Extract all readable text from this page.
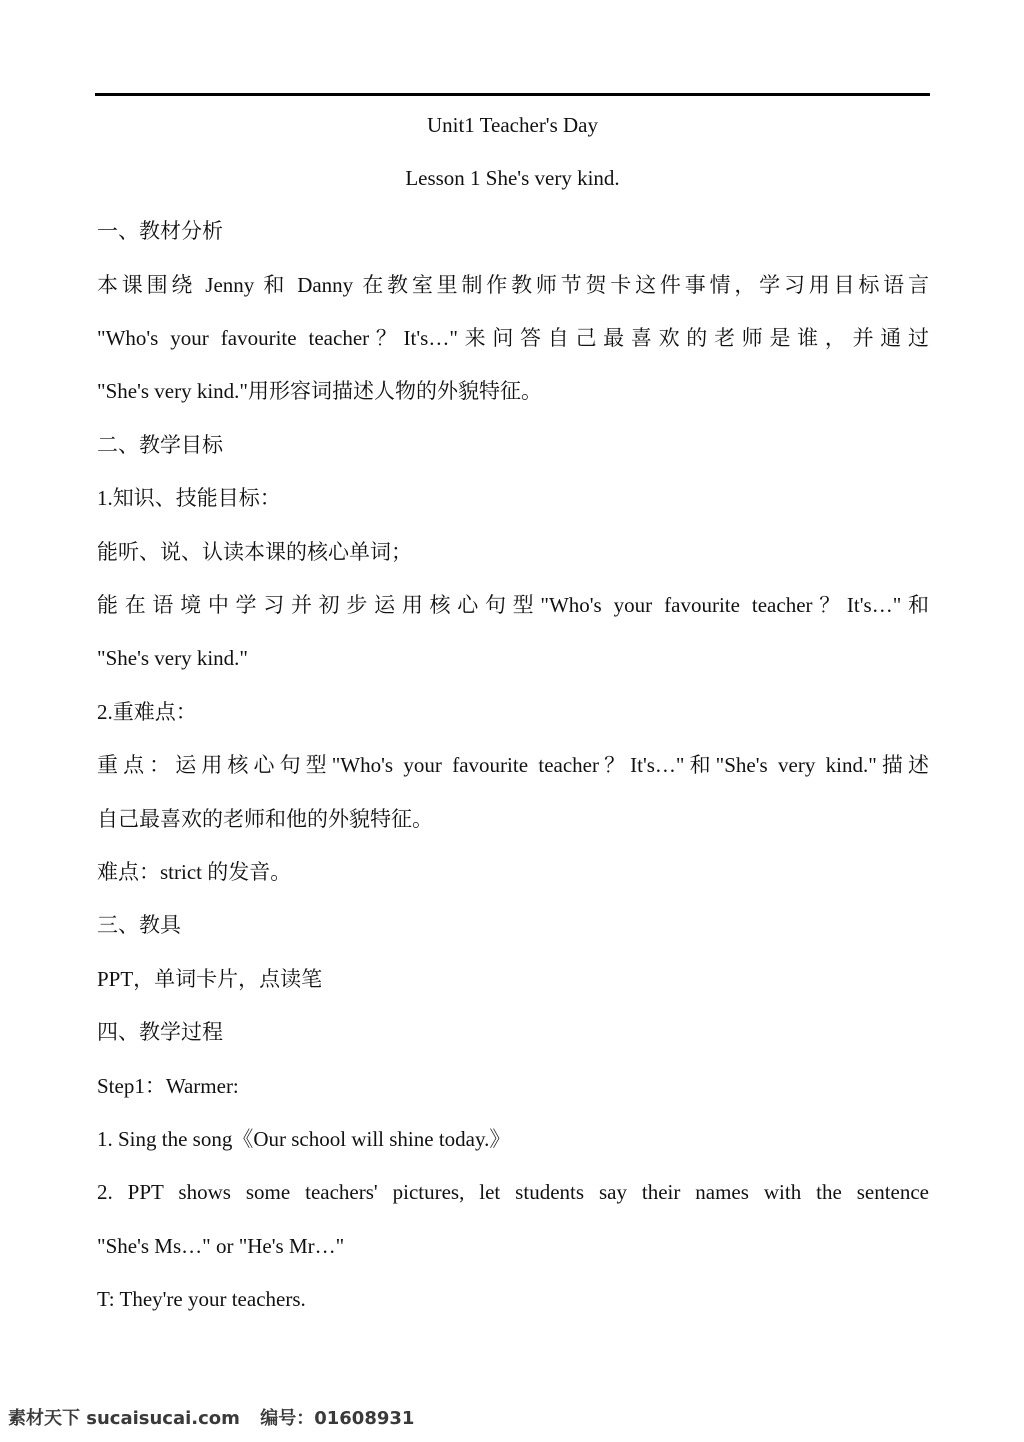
Unit1 Teacher's Day
Lesson 1 She's very kind.
一、教材分析
本课围绕 Jenny 和 Danny 在教室里制作教师节贺卡这件事情，学习用目标语言
"Who's your favourite teacher？It's…"来问答自己最喜欢的老师是谁，并通过
"She's very kind."用形容词描述人物的外貌特征。
二、教学目标
1.知识、技能目标：
能听、说、认读本课的核心单词；
能在语境中学习并初步运用核心句型"Who's your favourite teacher？It's…"和
"She's very kind."
2.重难点：
重点：运用核心句型"Who's your favourite teacher？It's…"和"She's very kind."描述
自己最喜欢的老师和他的外貌特征。
难点：strict 的发音。
三、教具
PPT，单词卡片，点读笔
四、教学过程
Step1：Warmer:
1. Sing the song《Our school will shine today.》
2. PPT shows some teachers' pictures, let students say their names with the sentence
"She's Ms…" or "He's Mr…"
T: They're your teachers.
素材天下 sucaisucai.com 编号：01608931
